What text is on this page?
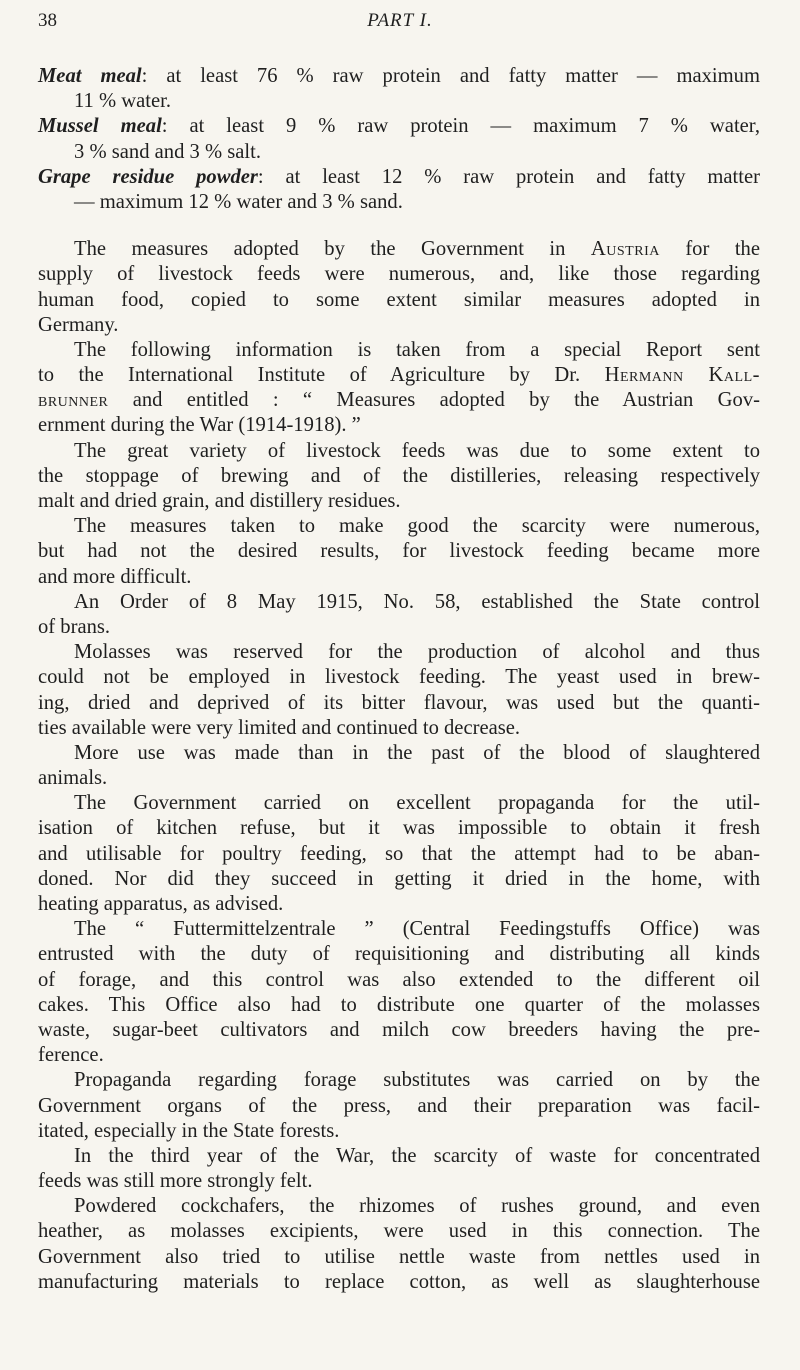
38	PART I.
Meat meal: at least 76 % raw protein and fatty matter — maximum
11 % water.
Mussel meal: at least 9 % raw protein — maximum 7 % water,
3 % sand and 3 % salt.
Grape residue powder: at least 12 % raw protein and fatty matter
— maximum 12 % water and 3 % sand.
The measures adopted by the Government in Austria for the
supply of livestock feeds were numerous, and, like those regarding
human food, copied to some extent similar measures adopted in
Germany.
The following information is taken from a special Report sent
to the International Institute of Agriculture by Dr. Hermann Kall-
brunner and entitled : “ Measures adopted by the Austrian Gov-
ernment during the War (1914-1918). ”
The great variety of livestock feeds was due to some extent to
the stoppage of brewing and of the distilleries, releasing respectively
malt and dried grain, and distillery residues.
The measures taken to make good the scarcity were numerous,
but had not the desired results, for livestock feeding became more
and more difficult.
An Order of 8 May 1915, No. 58, established the State control
of brans.
Molasses was reserved for the production of alcohol and thus
could not be employed in livestock feeding. The yeast used in brew-
ing, dried and deprived of its bitter flavour, was used but the quanti-
ties available were very limited and continued to decrease.
More use was made than in the past of the blood of slaughtered
animals.
The Government carried on excellent propaganda for the util-
isation of kitchen refuse, but it was impossible to obtain it fresh
and utilisable for poultry feeding, so that the attempt had to be aban-
doned. Nor did they succeed in getting it dried in the home, with
heating apparatus, as advised.
The “ Futtermittelzentrale ” (Central Feedingstuffs Office) was
entrusted with the duty of requisitioning and distributing all kinds
of forage, and this control was also extended to the different oil
cakes. This Office also had to distribute one quarter of the molasses
waste, sugar-beet cultivators and milch cow breeders having the pre-
ference.
Propaganda regarding forage substitutes was carried on by the
Government organs of the press, and their preparation was facil-
itated, especially in the State forests.
In the third year of the War, the scarcity of waste for concentrated
feeds was still more strongly felt.
Powdered cockchafers, the rhizomes of rushes ground, and even
heather, as molasses excipients, were used in this connection. The
Government also tried to utilise nettle waste from nettles used in
manufacturing materials to replace cotton, as well as slaughterhouse
